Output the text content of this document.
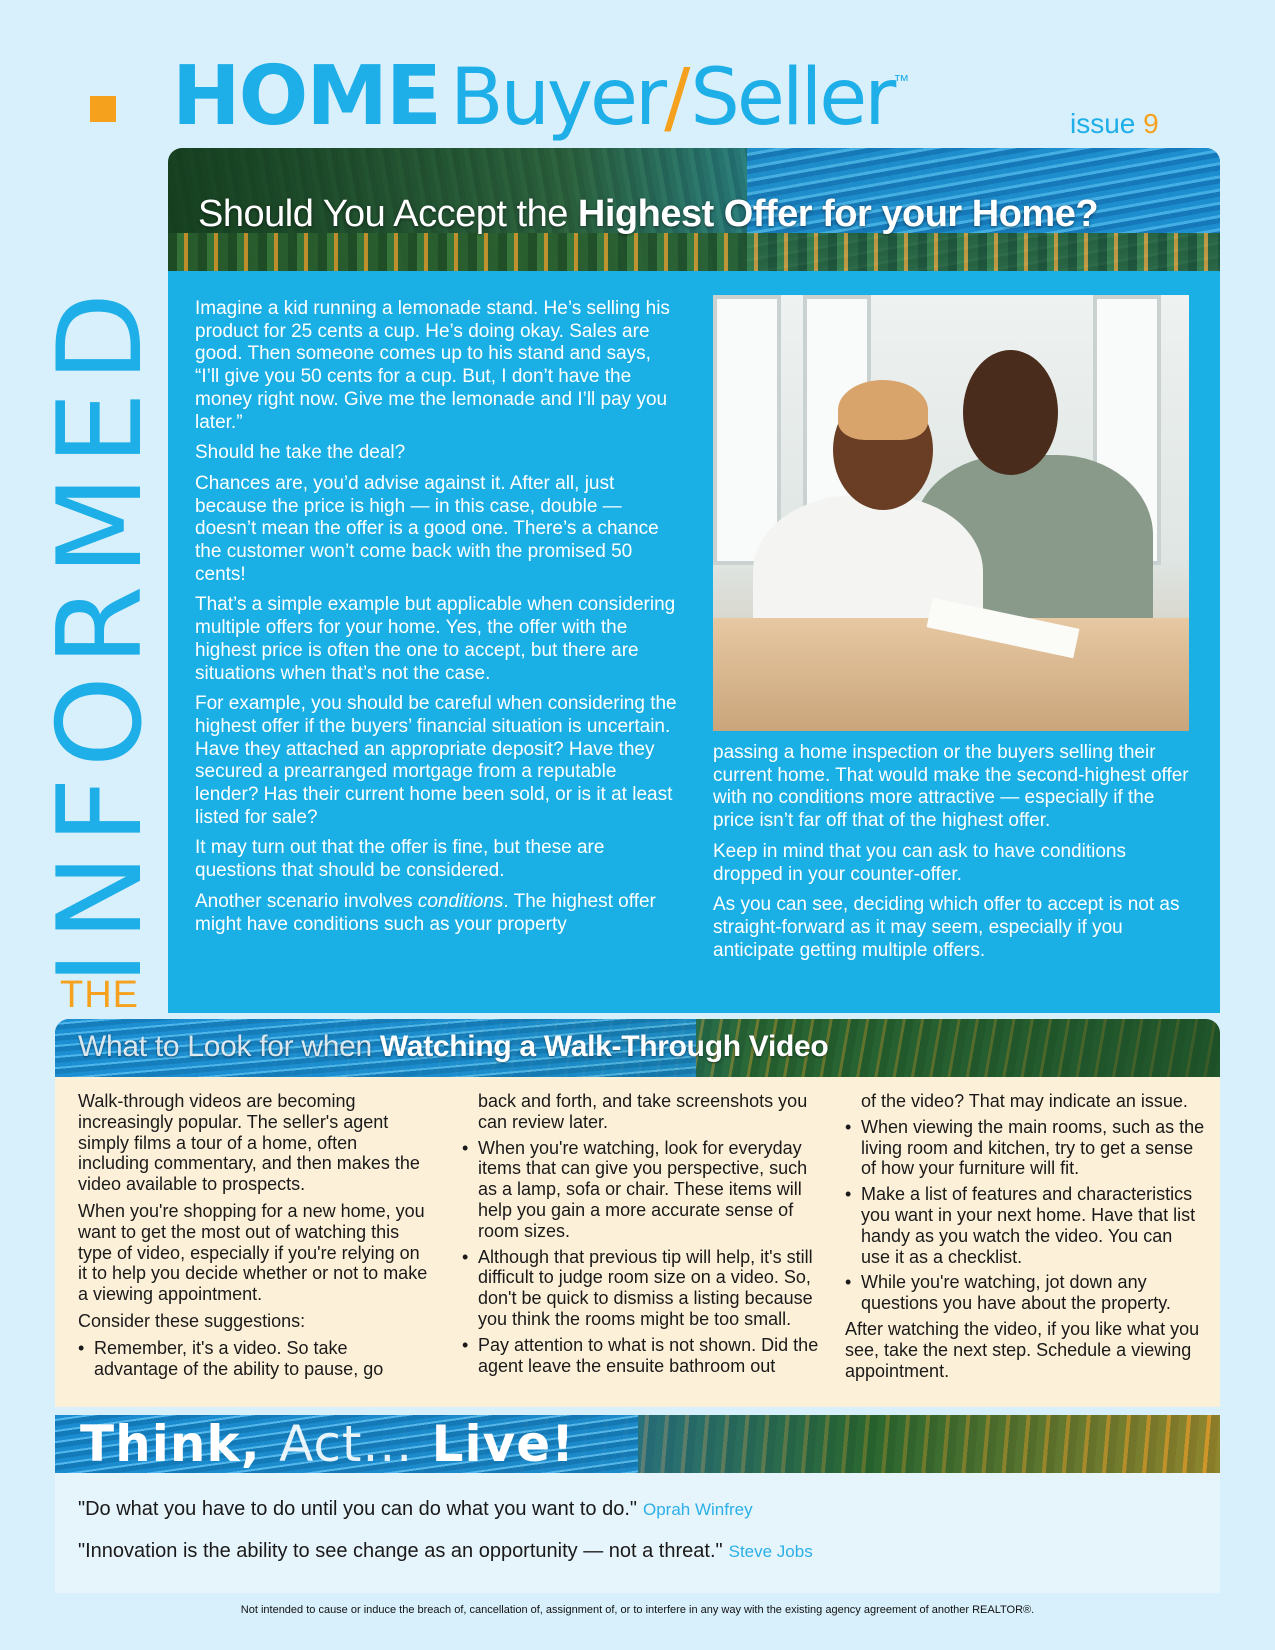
HOME Buyer/Seller™
issue 9
INFORMED
THE
Should You Accept the Highest Offer for your Home?

Imagine a kid running a lemonade stand. He’s selling his product for 25 cents a cup. He’s doing okay. Sales are good. Then someone comes up to his stand and says, “I’ll give you 50 cents for a cup. But, I don’t have the money right now. Give me the lemonade and I’ll pay you later.”

Should he take the deal?

Chances are, you’d advise against it. After all, just because the price is high — in this case, double — doesn’t mean the offer is a good one. There’s a chance the customer won’t come back with the promised 50 cents!

That’s a simple example but applicable when considering multiple offers for your home. Yes, the offer with the highest price is often the one to accept, but there are situations when that’s not the case.

For example, you should be careful when considering the highest offer if the buyers’ financial situation is uncertain. Have they attached an appropriate deposit? Have they secured a prearranged mortgage from a reputable lender? Has their current home been sold, or is it at least listed for sale?

It may turn out that the offer is fine, but these are questions that should be considered.

Another scenario involves conditions. The highest offer might have conditions such as your property

passing a home inspection or the buyers selling their current home. That would make the second-highest offer with no conditions more attractive — especially if the price isn’t far off that of the highest offer.

Keep in mind that you can ask to have conditions dropped in your counter-offer.

As you can see, deciding which offer to accept is not as straight-forward as it may seem, especially if you anticipate getting multiple offers.

What to Look for when Watching a Walk-Through Video

Walk-through videos are becoming increasingly popular. The seller's agent simply films a tour of a home, often including commentary, and then makes the video available to prospects.

When you're shopping for a new home, you want to get the most out of watching this type of video, especially if you're relying on it to help you decide whether or not to make a viewing appointment.

Consider these suggestions:

• Remember, it's a video. So take advantage of the ability to pause, go
back and forth, and take screenshots you can review later.
• When you're watching, look for everyday items that can give you perspective, such as a lamp, sofa or chair. These items will help you gain a more accurate sense of room sizes.
• Although that previous tip will help, it's still difficult to judge room size on a video. So, don't be quick to dismiss a listing because you think the rooms might be too small.
• Pay attention to what is not shown. Did the agent leave the ensuite bathroom out
of the video? That may indicate an issue.
• When viewing the main rooms, such as the living room and kitchen, try to get a sense of how your furniture will fit.
• Make a list of features and characteristics you want in your next home. Have that list handy as you watch the video. You can use it as a checklist.
• While you're watching, jot down any questions you have about the property.

After watching the video, if you like what you see, take the next step. Schedule a viewing appointment.

Think, Act... Live!
"Do what you have to do until you can do what you want to do." Oprah Winfrey
"Innovation is the ability to see change as an opportunity — not a threat." Steve Jobs
Not intended to cause or induce the breach of, cancellation of, assignment of, or to interfere in any way with the existing agency agreement of another REALTOR®.
